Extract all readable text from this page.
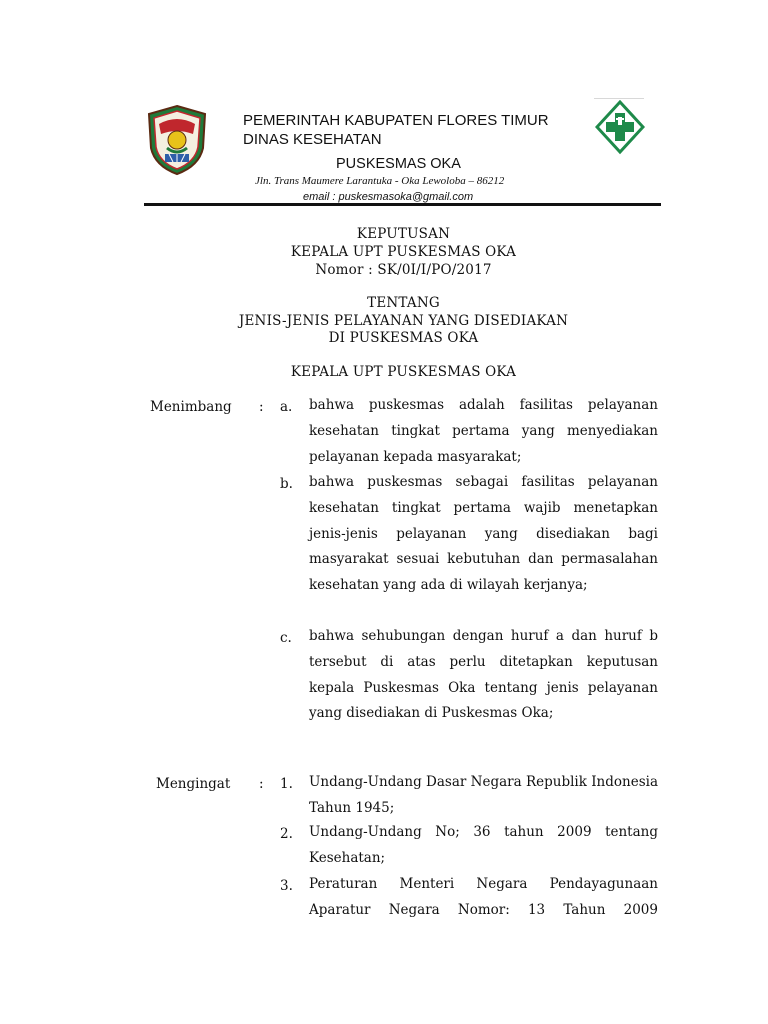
PEMERINTAH KABUPATEN FLORES TIMUR
DINAS KESEHATAN
PUSKESMAS OKA
Jln. Trans Maumere Larantuka - Oka Lewoloba – 86212
email : puskesmasoka@gmail.com
KEPUTUSAN
KEPALA UPT PUSKESMAS OKA
Nomor : SK/0I/I/PO/2017
TENTANG
JENIS-JENIS PELAYANAN YANG DISEDIAKAN
DI PUSKESMAS OKA
KEPALA UPT PUSKESMAS OKA
Menimbang : a. bahwa puskesmas adalah fasilitas pelayanan kesehatan tingkat pertama yang menyediakan pelayanan kepada masyarakat;
b. bahwa puskesmas sebagai fasilitas pelayanan kesehatan tingkat pertama wajib menetapkan jenis-jenis pelayanan yang disediakan bagi masyarakat sesuai kebutuhan dan permasalahan kesehatan yang ada di wilayah kerjanya;
c. bahwa sehubungan dengan huruf a dan huruf b tersebut di atas perlu ditetapkan keputusan kepala Puskesmas Oka tentang jenis pelayanan yang disediakan di Puskesmas Oka;
Mengingat : 1. Undang-Undang Dasar Negara Republik Indonesia Tahun 1945;
2. Undang-Undang No; 36 tahun 2009 tentang Kesehatan;
3. Peraturan Menteri Negara Pendayagunaan Aparatur Negara Nomor: 13 Tahun 2009
